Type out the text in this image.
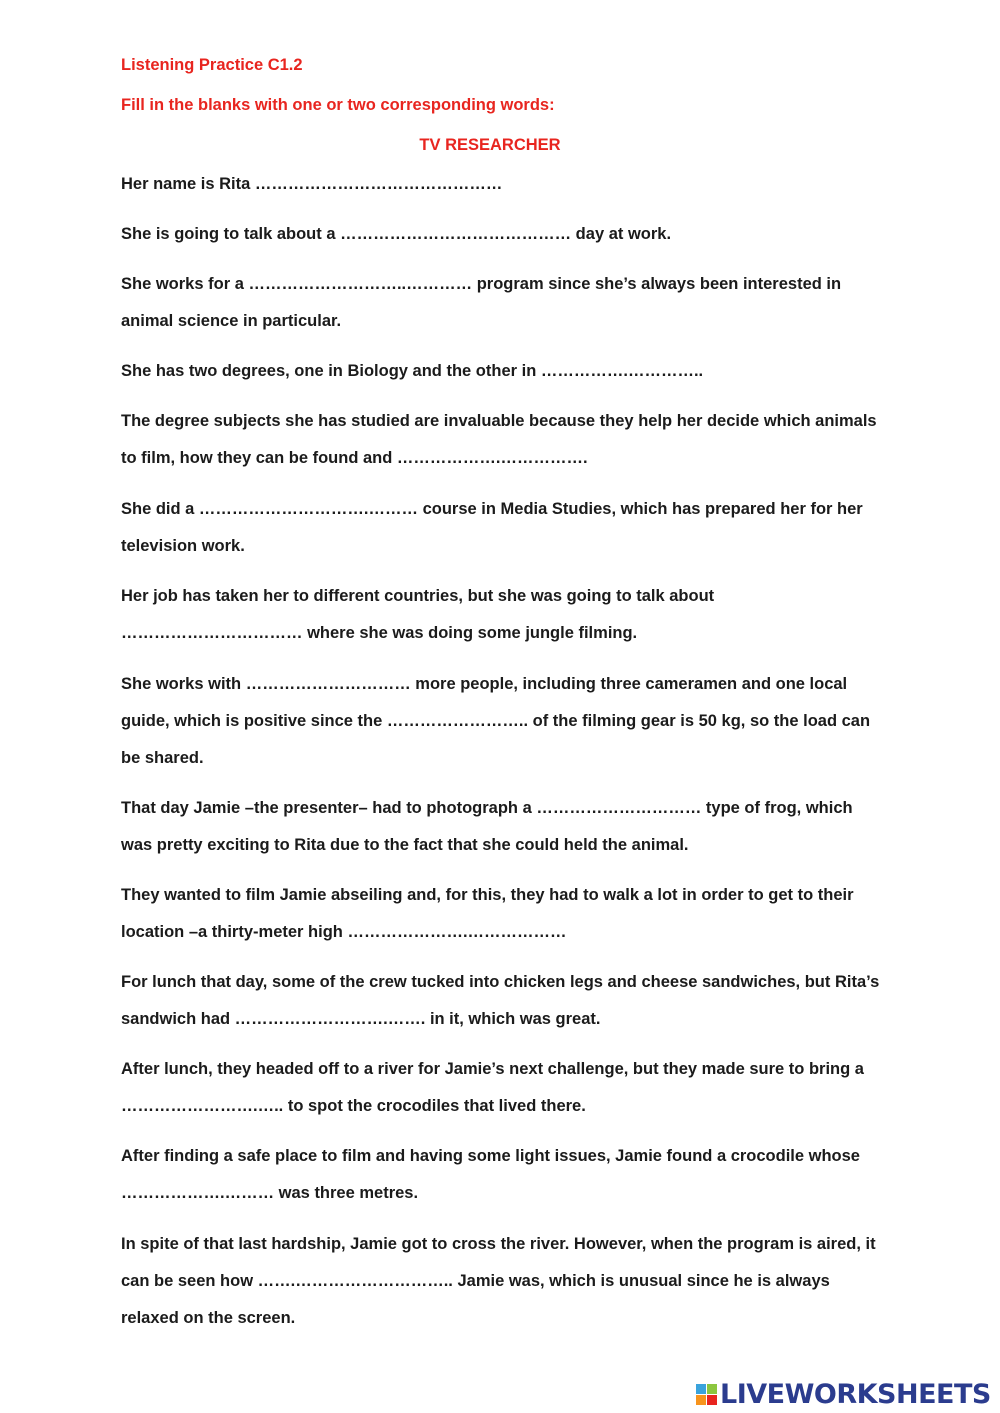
Listening Practice C1.2
Fill in the blanks with one or two corresponding words:
TV RESEARCHER

Her name is Rita ………………………………………

She is going to talk about a …………………………………… day at work.

She works for a ………………………..………… program since she’s always been interested in animal science in particular.

She has two degrees, one in Biology and the other in …………….…………..

The degree subjects she has studied are invaluable because they help her decide which animals to film, how they can be found and ……………….…………….

She did a ………………………….……… course in Media Studies, which has prepared her for her television work.

Her job has taken her to different countries, but she was going to talk about …………………………… where she was doing some jungle filming.

She works with ………………………… more people, including three cameramen and one local guide, which is positive since the …………………….. of the filming gear is 50 kg, so the load can be shared.

That day Jamie –the presenter– had to photograph a ………………………… type of frog, which was pretty exciting to Rita due to the fact that she could held the animal.

They wanted to film Jamie abseiling and, for this, they had to walk a lot in order to get to their location –a thirty-meter high ………………….………………

For lunch that day, some of the crew tucked into chicken legs and cheese sandwiches, but Rita’s sandwich had ……………………….……. in it, which was great.

After lunch, they headed off to a river for Jamie’s next challenge, but they made sure to bring a …………………….….. to spot the crocodiles that lived there.

After finding a safe place to film and having some light issues, Jamie found a crocodile whose ……………….……… was three metres.

In spite of that last hardship, Jamie got to cross the river. However, when the program is aired, it can be seen how …….……………………….. Jamie was, which is unusual since he is always relaxed on the screen.

LIVEWORKSHEETS
